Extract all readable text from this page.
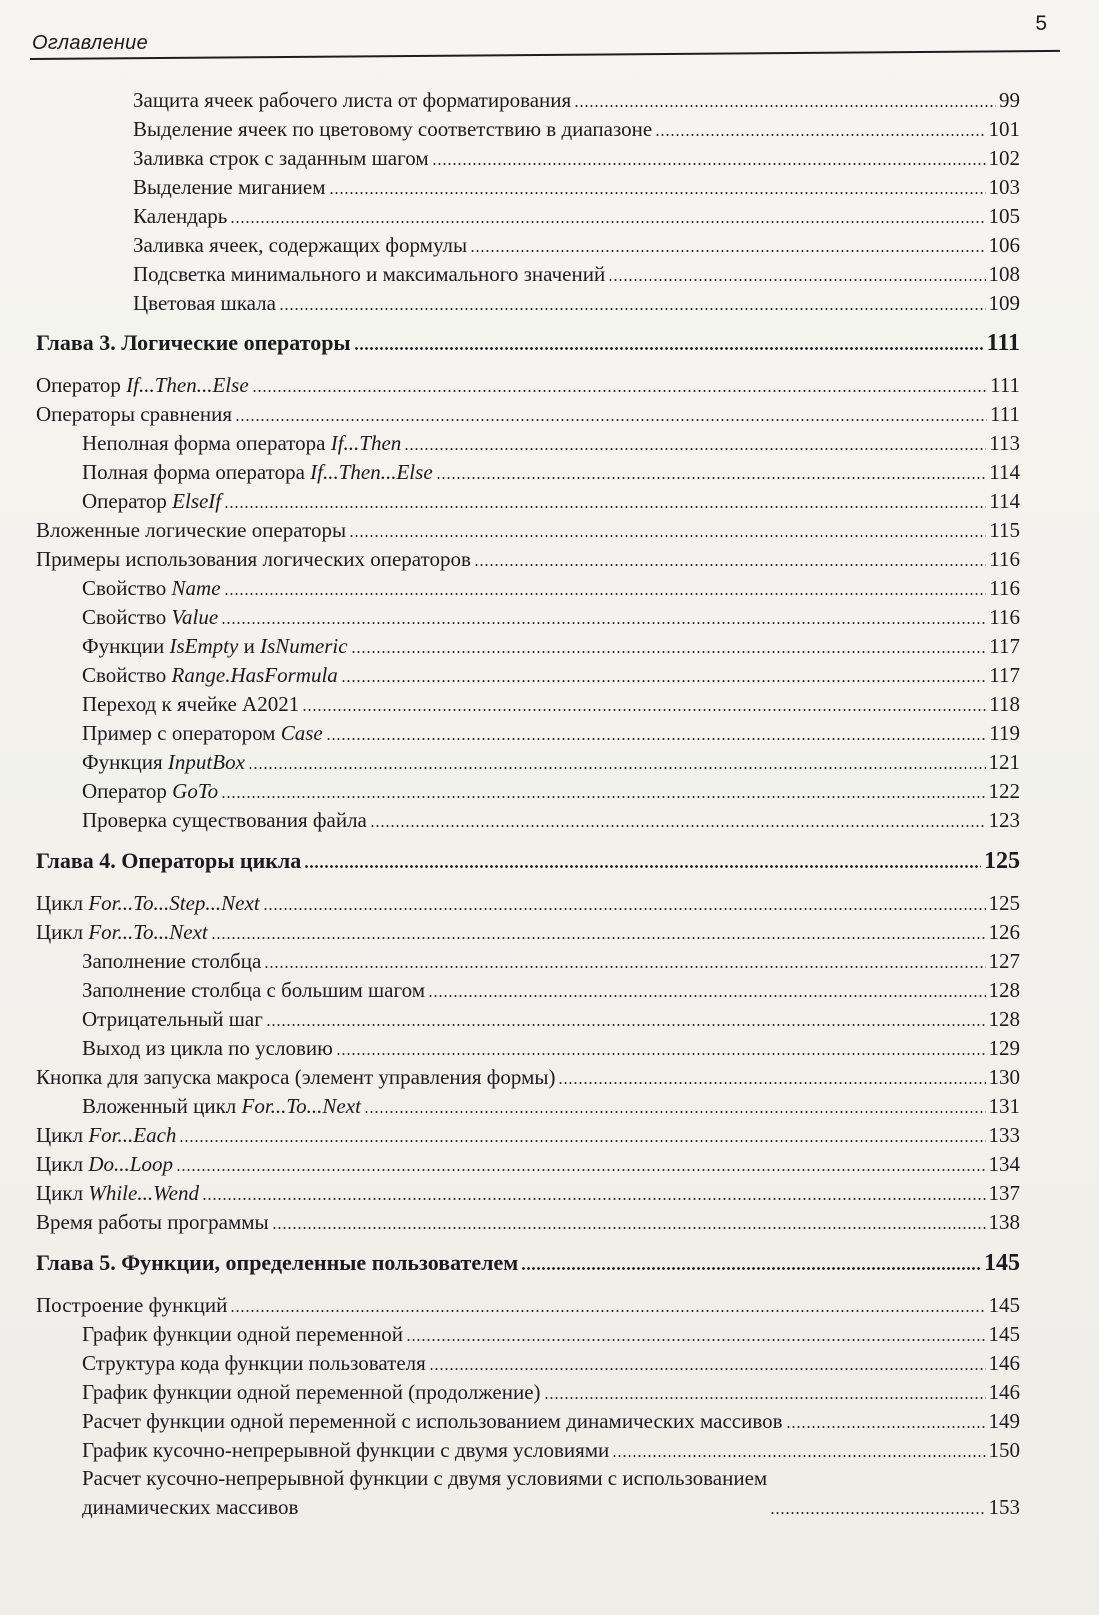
Оглавление
5
Защита ячеек рабочего листа от форматирования	99
Выделение ячеек по цветовому соответствию в диапазоне	101
Заливка строк с заданным шагом	102
Выделение миганием	103
Календарь	105
Заливка ячеек, содержащих формулы	106
Подсветка минимального и максимального значений	108
Цветовая шкала	109
Глава 3. Логические операторы	111
Оператор If...Then...Else	111
Операторы сравнения	111
Неполная форма оператора If...Then	113
Полная форма оператора If...Then...Else	114
Оператор ElseIf	114
Вложенные логические операторы	115
Примеры использования логических операторов	116
Свойство Name	116
Свойство Value	116
Функции IsEmpty и IsNumeric	117
Свойство Range.HasFormula	117
Переход к ячейке A2021	118
Пример с оператором Case	119
Функция InputBox	121
Оператор GoTo	122
Проверка существования файла	123
Глава 4. Операторы цикла	125
Цикл For...To...Step...Next	125
Цикл For...To...Next	126
Заполнение столбца	127
Заполнение столбца с большим шагом	128
Отрицательный шаг	128
Выход из цикла по условию	129
Кнопка для запуска макроса (элемент управления формы)	130
Вложенный цикл For...To...Next	131
Цикл For...Each	133
Цикл Do...Loop	134
Цикл While...Wend	137
Время работы программы	138
Глава 5. Функции, определенные пользователем	145
Построение функций	145
График функции одной переменной	145
Структура кода функции пользователя	146
График функции одной переменной (продолжение)	146
Расчет функции одной переменной с использованием динамических массивов	149
График кусочно-непрерывной функции с двумя условиями	150
Расчет кусочно-непрерывной функции с двумя условиями с использованием
динамических массивов	153
